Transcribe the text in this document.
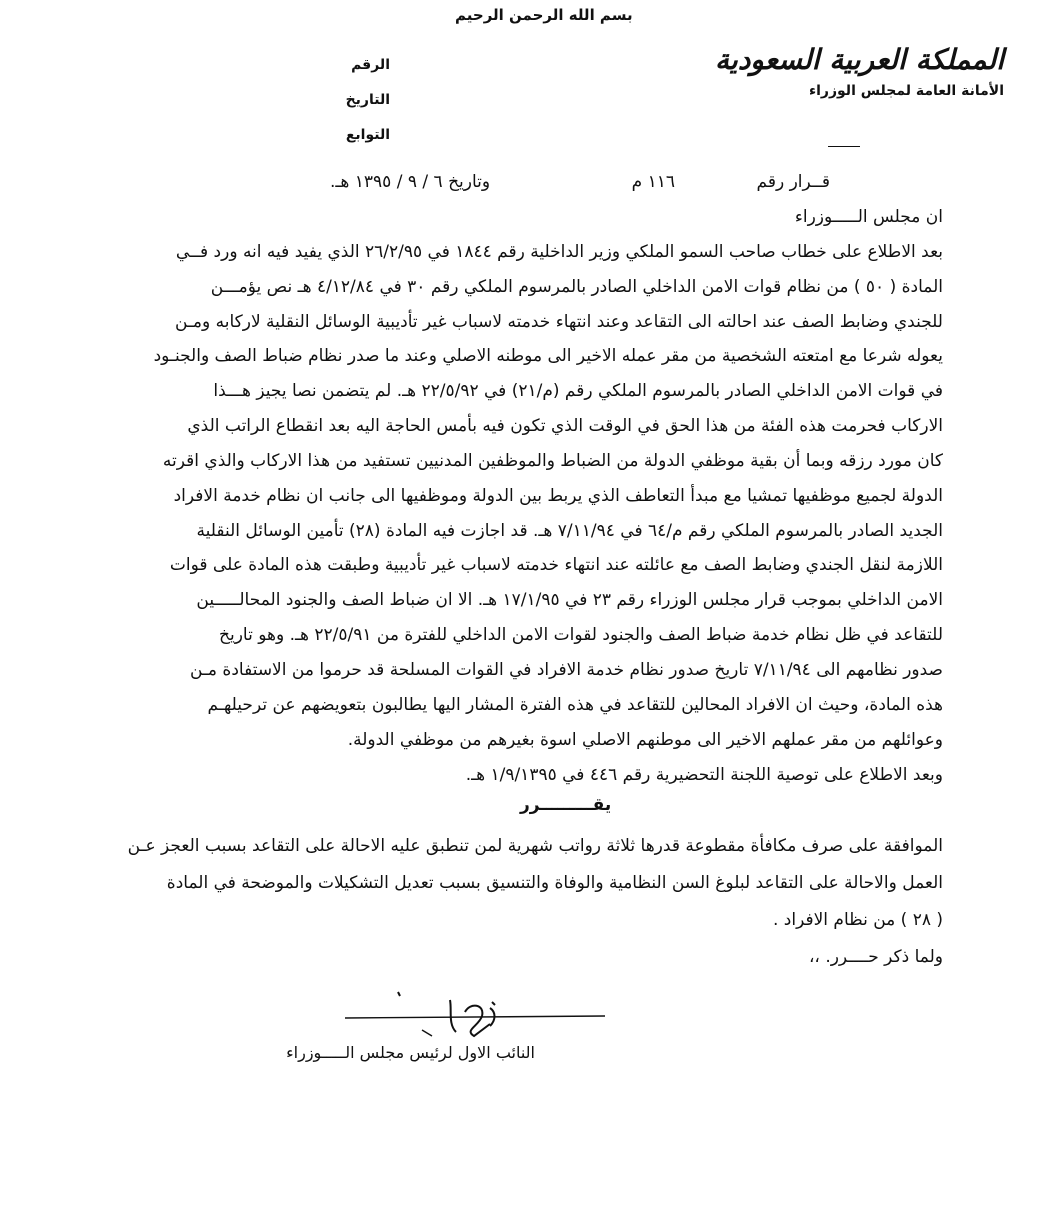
بسم الله الرحمن الرحيم
المملكة العربية السعودية
الأمانة العامة لمجلس الوزراء
الرقم
التاريخ
التوابع
قــرار رقم
١١٦ م
وتاريخ ٦ / ٩ / ١٣٩٥ هـ.

ان مجلس الـــــوزراء

بعد الاطلاع على خطاب صاحب السمو الملكي وزير الداخلية رقم ١٨٤٤ في ٢٦/٢/٩٥ الذي يفيد فيه انه ورد فــي

المادة ( ٥٠ ) من نظام قوات الامن الداخلي الصادر بالمرسوم الملكي رقم ٣٠ في ٤/١٢/٨٤ هـ نص يؤمـــن

للجندي وضابط الصف عند احالته الى التقاعد وعند انتهاء خدمته لاسباب غير تأديبية الوسائل النقلية لاركابه ومـن

يعوله شرعا مع امتعته الشخصية من مقر عمله الاخير الى موطنه الاصلي وعند ما صدر نظام ضباط الصف والجنـود

في قوات الامن الداخلي الصادر بالمرسوم الملكي رقم (م/٢١) في ٢٢/٥/٩٢ هـ. لم يتضمن نصا يجيز هـــذا

الاركاب فحرمت هذه الفئة من هذا الحق في الوقت الذي تكون فيه بأمس الحاجة اليه بعد انقطاع الراتب الذي

كان مورد رزقه وبما أن بقية موظفي الدولة من الضباط والموظفين المدنيين تستفيد من هذا الاركاب والذي اقرته

الدولة لجميع موظفيها تمشيا مع مبدأ التعاطف الذي يربط بين الدولة وموظفيها الى جانب ان نظام خدمة الافراد

الجديد الصادر بالمرسوم الملكي رقم م/٦٤ في ٧/١١/٩٤ هـ. قد اجازت فيه المادة (٢٨) تأمين الوسائل النقلية

اللازمة لنقل الجندي وضابط الصف مع عائلته عند انتهاء خدمته لاسباب غير تأديبية وطبقت هذه المادة على قوات

الامن الداخلي بموجب قرار مجلس الوزراء رقم ٢٣ في ١٧/١/٩٥ هـ. الا ان ضباط الصف والجنود المحالـــــين

للتقاعد في ظل نظام خدمة ضباط الصف والجنود لقوات الامن الداخلي للفترة من ٢٢/٥/٩١ هـ. وهو تاريخ

صدور نظامهم الى ٧/١١/٩٤ تاريخ صدور نظام خدمة الافراد في القوات المسلحة قد حرموا من الاستفادة مـن

هذه المادة، وحيث ان الافراد المحالين للتقاعد في هذه الفترة المشار اليها يطالبون بتعويضهم عن ترحيلهـم

وعوائلهم من مقر عملهم الاخير الى موطنهم الاصلي اسوة بغيرهم من موظفي الدولة.

وبعد الاطلاع على توصية اللجنة التحضيرية رقم ٤٤٦ في ١/٩/١٣٩٥ هـ.

يقـــــــــرر

الموافقة على صرف مكافأة مقطوعة قدرها ثلاثة رواتب شهرية لمن تنطبق عليه الاحالة على التقاعد بسبب العجز عـن

العمل والاحالة على التقاعد لبلوغ السن النظامية والوفاة والتنسيق بسبب تعديل التشكيلات والموضحة في المادة

( ٢٨ ) من نظام الافراد .

ولما ذكر حــــرر. ،،

النائب الاول لرئيس مجلس الـــــوزراء
